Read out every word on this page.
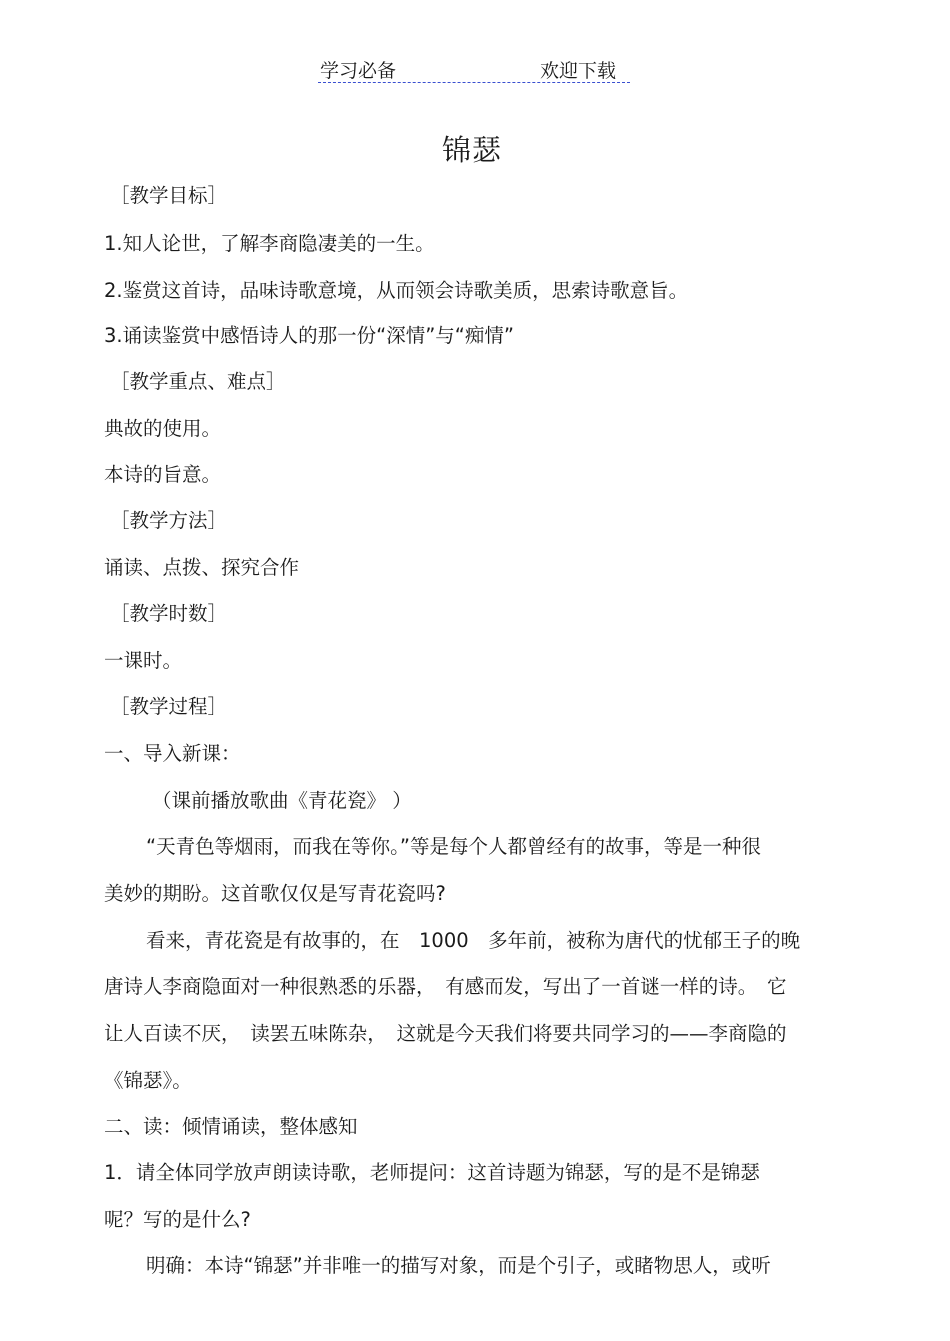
学习必备	欢迎下载
锦瑟
［教学目标］
1.知人论世，了解李商隐凄美的一生。
2.鉴赏这首诗，品味诗歌意境，从而领会诗歌美质，思索诗歌意旨。
3.诵读鉴赏中感悟诗人的那一份“深情”与“痴情”
［教学重点、难点］
典故的使用。
本诗的旨意。
［教学方法］
诵读、点拨、探究合作
［教学时数］
一课时。
［教学过程］
一、导入新课：
（课前播放歌曲《青花瓷》 ）
“天青色等烟雨，而我在等你。”等是每个人都曾经有的故事，等是一种很
美妙的期盼。这首歌仅仅是写青花瓷吗?
看来，青花瓷是有故事的，在　1000　多年前，被称为唐代的忧郁王子的晚
唐诗人李商隐面对一种很熟悉的乐器，　有感而发，写出了一首谜一样的诗。　它
让人百读不厌，　读罢五味陈杂，　这就是今天我们将要共同学习的——李商隐的
《锦瑟》。
二、读：倾情诵读，整体感知
1．请全体同学放声朗读诗歌，老师提问：这首诗题为锦瑟，写的是不是锦瑟
呢？写的是什么?
明确：本诗“锦瑟”并非唯一的描写对象，而是个引子，或睹物思人，或听
